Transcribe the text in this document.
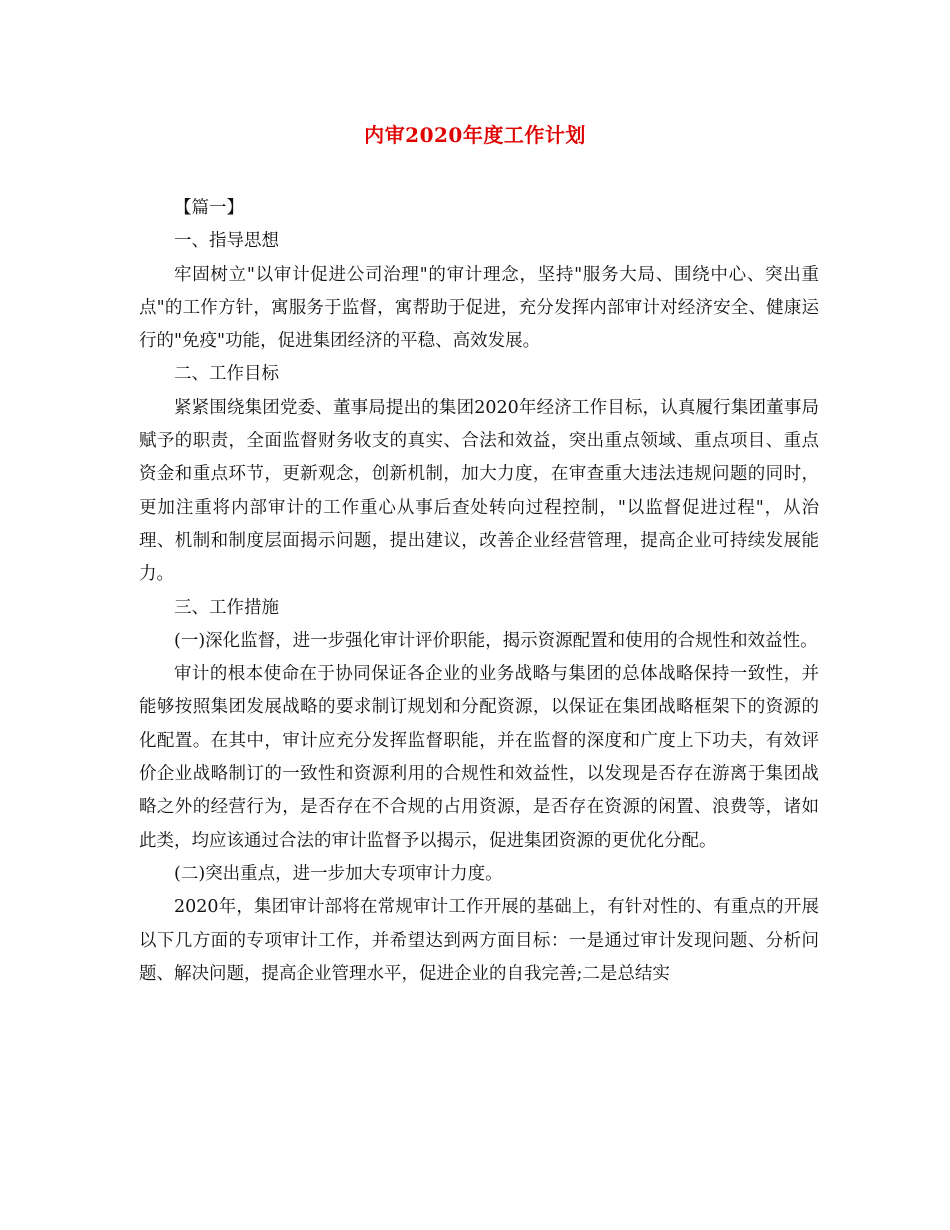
内审2020年度工作计划

【篇一】

一、指导思想

牢固树立"以审计促进公司治理"的审计理念，坚持"服务大局、围绕中心、突出重点"的工作方针，寓服务于监督，寓帮助于促进，充分发挥内部审计对经济安全、健康运行的"免疫"功能，促进集团经济的平稳、高效发展。

二、工作目标

紧紧围绕集团党委、董事局提出的集团2020年经济工作目标，认真履行集团董事局赋予的职责，全面监督财务收支的真实、合法和效益，突出重点领域、重点项目、重点资金和重点环节，更新观念，创新机制，加大力度，在审查重大违法违规问题的同时，更加注重将内部审计的工作重心从事后查处转向过程控制，"以监督促进过程"，从治理、机制和制度层面揭示问题，提出建议，改善企业经营管理，提高企业可持续发展能力。

三、工作措施

(一)深化监督，进一步强化审计评价职能，揭示资源配置和使用的合规性和效益性。

审计的根本使命在于协同保证各企业的业务战略与集团的总体战略保持一致性，并能够按照集团发展战略的要求制订规划和分配资源，以保证在集团战略框架下的资源的化配置。在其中，审计应充分发挥监督职能，并在监督的深度和广度上下功夫，有效评价企业战略制订的一致性和资源利用的合规性和效益性，以发现是否存在游离于集团战略之外的经营行为，是否存在不合规的占用资源，是否存在资源的闲置、浪费等，诸如此类，均应该通过合法的审计监督予以揭示，促进集团资源的更优化分配。

(二)突出重点，进一步加大专项审计力度。

2020年，集团审计部将在常规审计工作开展的基础上，有针对性的、有重点的开展以下几方面的专项审计工作，并希望达到两方面目标：一是通过审计发现问题、分析问题、解决问题，提高企业管理水平，促进企业的自我完善;二是总结实
